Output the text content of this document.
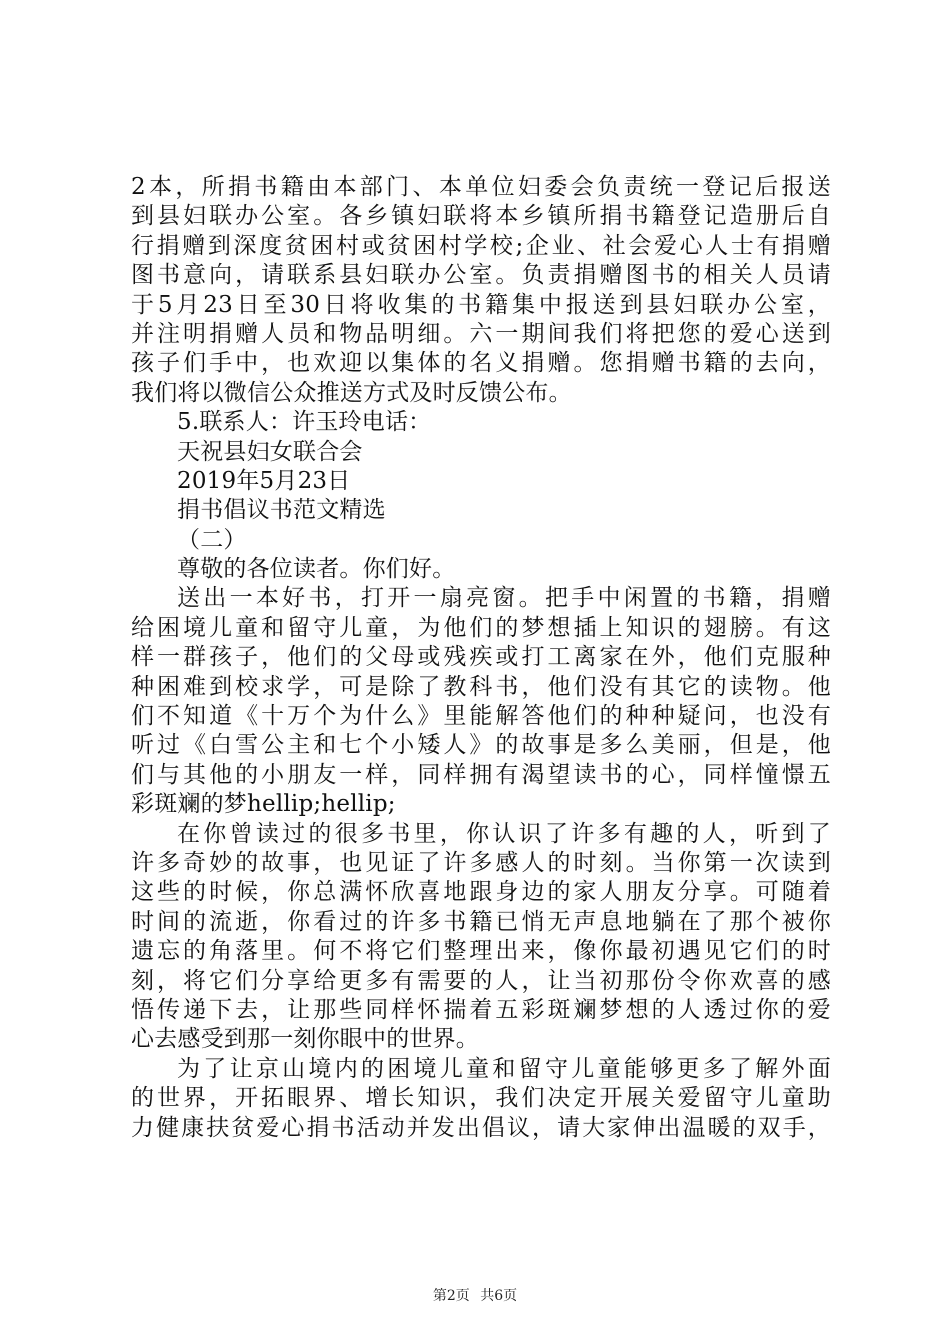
2本，所捐书籍由本部门、本单位妇委会负责统一登记后报送
到县妇联办公室。各乡镇妇联将本乡镇所捐书籍登记造册后自
行捐赠到深度贫困村或贫困村学校;企业、社会爱心人士有捐赠
图书意向，请联系县妇联办公室。负责捐赠图书的相关人员请
于5月23日至30日将收集的书籍集中报送到县妇联办公室，
并注明捐赠人员和物品明细。六一期间我们将把您的爱心送到
孩子们手中，也欢迎以集体的名义捐赠。您捐赠书籍的去向，
我们将以微信公众推送方式及时反馈公布。
5.联系人：许玉玲电话：
天祝县妇女联合会
2019年5月23日
捐书倡议书范文精选
（二）
尊敬的各位读者。你们好。
送出一本好书，打开一扇亮窗。把手中闲置的书籍，捐赠
给困境儿童和留守儿童，为他们的梦想插上知识的翅膀。有这
样一群孩子，他们的父母或残疾或打工离家在外，他们克服种
种困难到校求学，可是除了教科书，他们没有其它的读物。他
们不知道《十万个为什么》里能解答他们的种种疑问，也没有
听过《白雪公主和七个小矮人》的故事是多么美丽，但是，他
们与其他的小朋友一样，同样拥有渴望读书的心，同样憧憬五
彩斑斓的梦hellip;hellip;
在你曾读过的很多书里，你认识了许多有趣的人，听到了
许多奇妙的故事，也见证了许多感人的时刻。当你第一次读到
这些的时候，你总满怀欣喜地跟身边的家人朋友分享。可随着
时间的流逝，你看过的许多书籍已悄无声息地躺在了那个被你
遗忘的角落里。何不将它们整理出来，像你最初遇见它们的时
刻，将它们分享给更多有需要的人，让当初那份令你欢喜的感
悟传递下去，让那些同样怀揣着五彩斑斓梦想的人透过你的爱
心去感受到那一刻你眼中的世界。
为了让京山境内的困境儿童和留守儿童能够更多了解外面
的世界，开拓眼界、增长知识，我们决定开展关爱留守儿童助
力健康扶贫爱心捐书活动并发出倡议，请大家伸出温暖的双手，
第2页 共6页
